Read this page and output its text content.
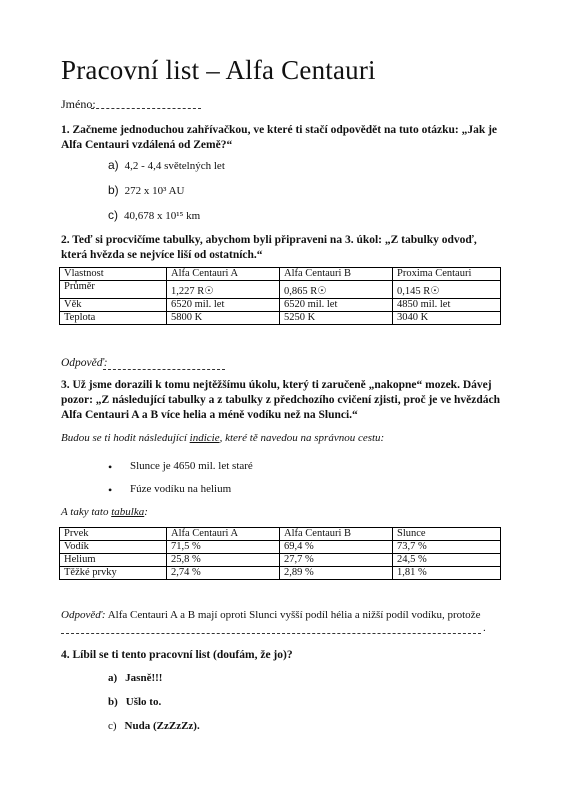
Pracovní list – Alfa Centauri
Jméno:
1. Začneme jednoduchou zahřívačkou, ve které ti stačí odpovědět na tuto otázku: „Jak je Alfa Centauri vzdálená od Země?“
a) 4,2 - 4,4 světelných let
b) 272 x 10³ AU
c) 40,678 x 10¹⁵ km
2. Teď si procvičíme tabulky, abychom byli připraveni na 3. úkol: „Z tabulky odvoď, která hvězda se nejvíce liší od ostatních.“
Vlastnost	Alfa Centauri A	Alfa Centauri B	Proxima Centauri
Průměr	1,227 R☉	0,865 R☉	0,145 R☉
Věk	6520 mil. let	6520 mil. let	4850 mil. let
Teplota	5800 K	5250 K	3040 K
Odpověď:
3. Už jsme dorazili k tomu nejtěžšímu úkolu, který ti zaručeně „nakopne“ mozek. Dávej pozor: „Z následující tabulky a z tabulky z předchozího cvičení zjisti, proč je ve hvězdách Alfa Centauri A a B více helia a méně vodíku než na Slunci.“
Budou se ti hodit následující indicie, které tě navedou na správnou cestu:
• Slunce je 4650 mil. let staré
• Fúze vodíku na helium
A taky tato tabulka:
Prvek	Alfa Centauri A	Alfa Centauri B	Slunce
Vodík	71,5 %	69,4 %	73,7 %
Helium	25,8 %	27,7 %	24,5 %
Těžké prvky	2,74 %	2,89 %	1,81 %
Odpověď: Alfa Centauri A a B mají oproti Slunci vyšší podíl hélia a nižší podíl vodíku, protože
.
4. Líbil se ti tento pracovní list (doufám, že jo)?
a) Jasně!!!
b) Ušlo to.
c) Nuda (ZzZzZz).
